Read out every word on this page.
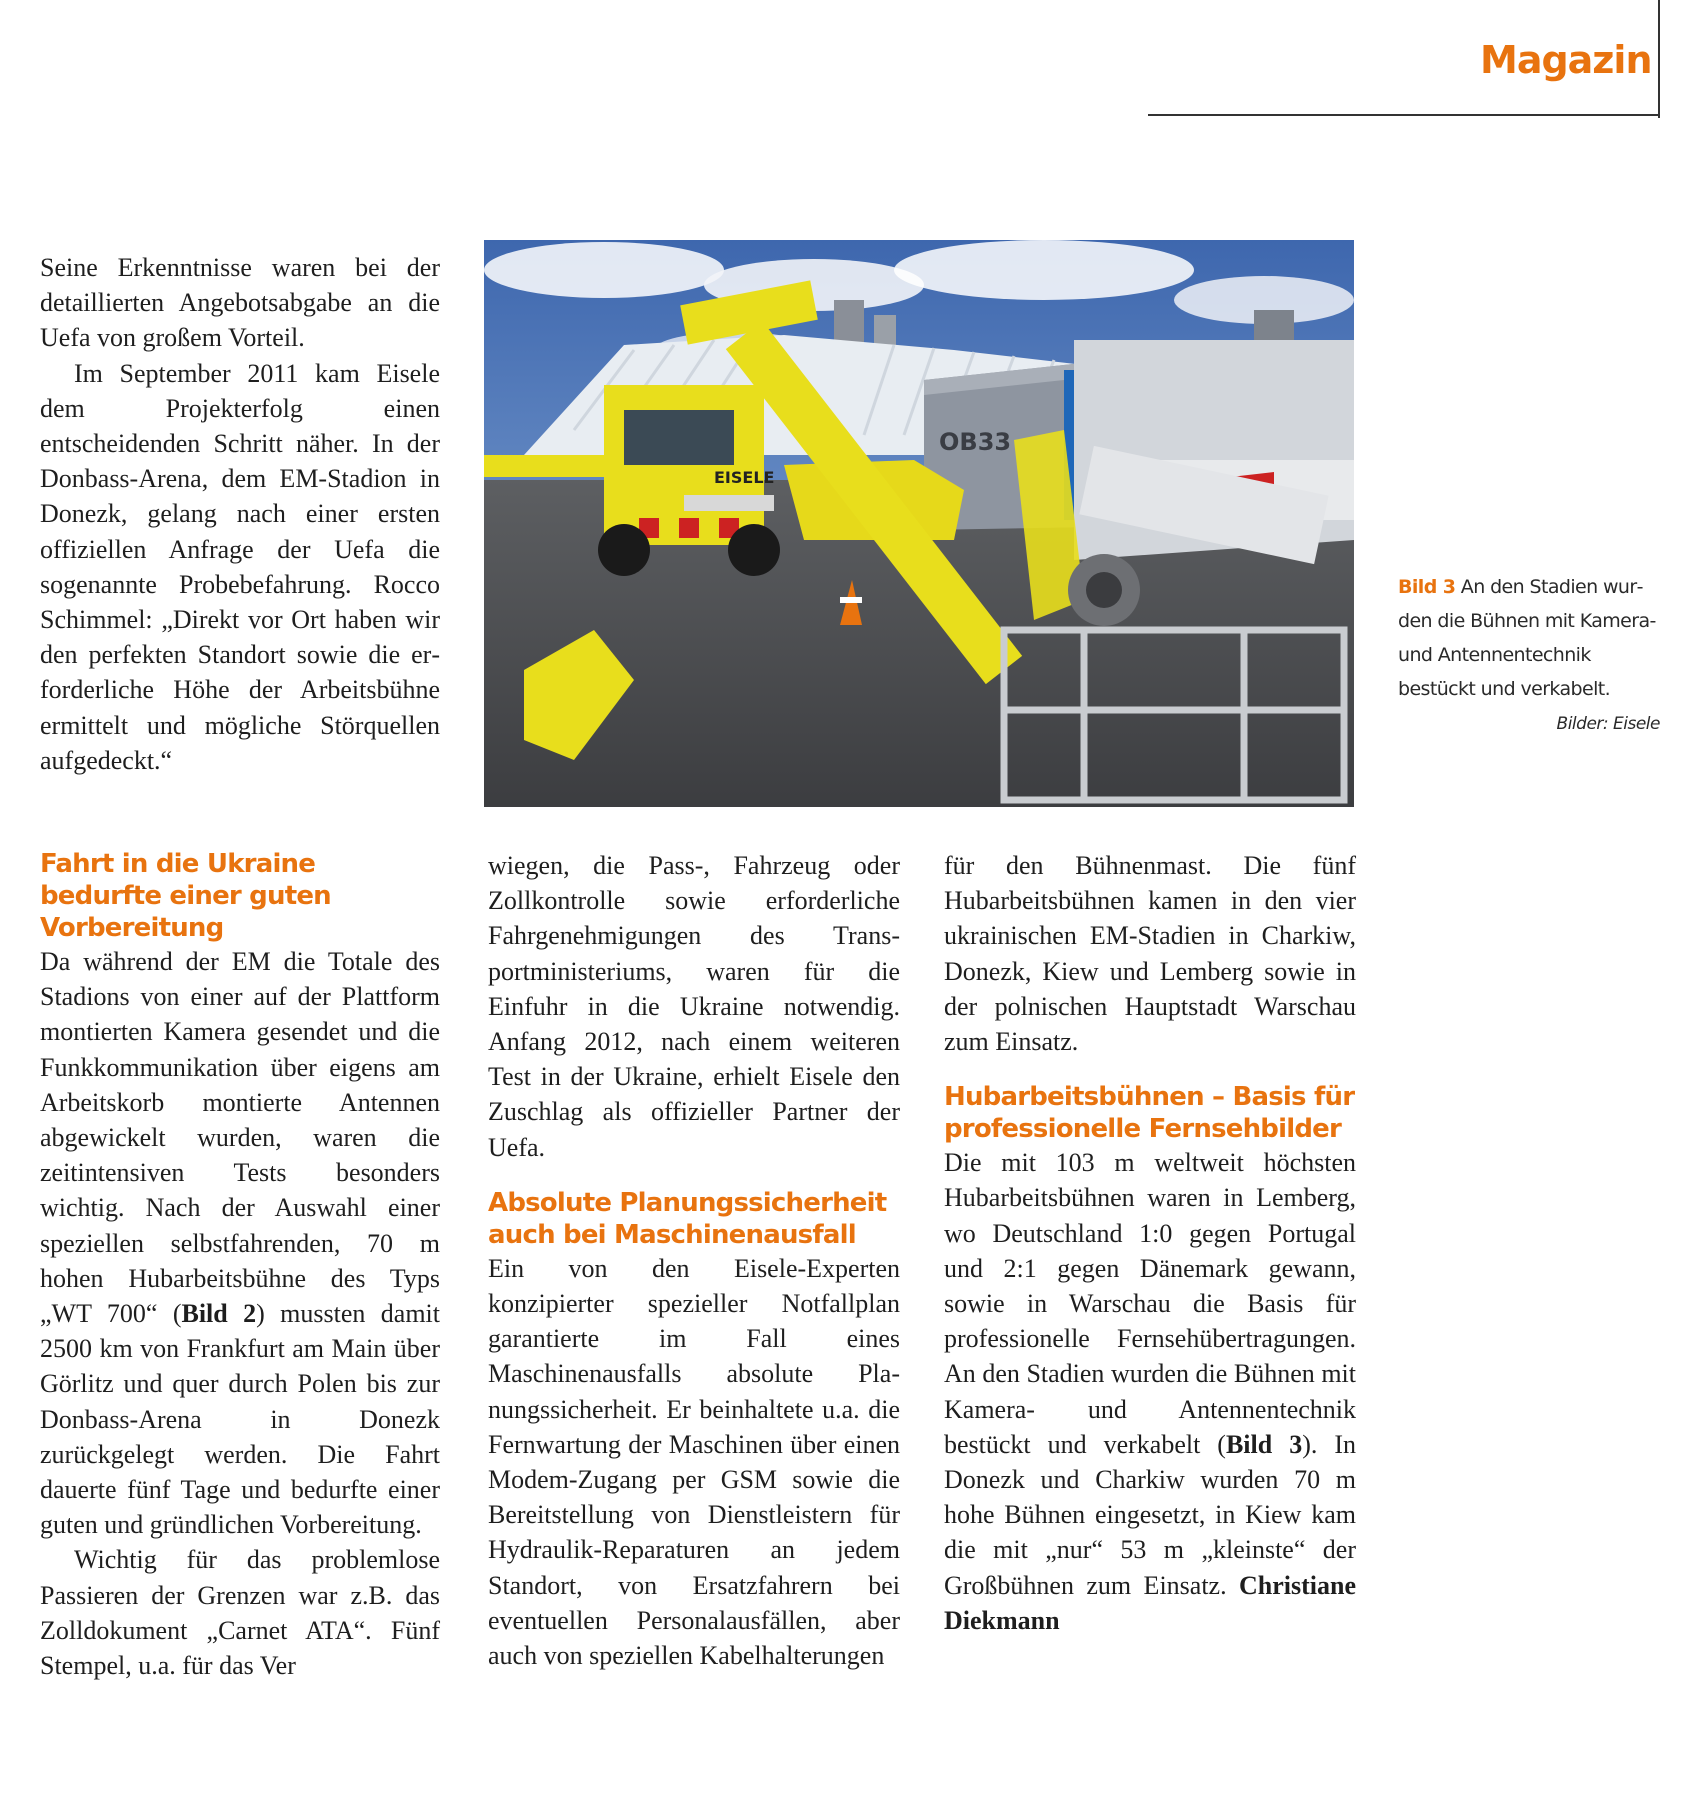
Magazin

Seine Erkenntnisse waren bei der detaillierten Angebotsabgabe an die Uefa von großem Vorteil.

Im September 2011 kam Eisele dem Projekterfolg einen entscheidenden Schritt näher. In der Donbass-Arena, dem EM-Stadion in Donezk, gelang nach einer ersten offiziellen Anfrage der Uefa die sogenannte Probebefahrung. Rocco Schimmel: „Direkt vor Ort haben wir den perfekten Standort sowie die erforderliche Höhe der Arbeitsbühne ermittelt und mögliche Störquellen aufgedeckt.“

OB33
EISELE
Bild 3 An den Stadien wurden die Bühnen mit Kamera- und Antennentechnik bestückt und verkabelt.
Bilder: Eisele
Fahrt in die Ukraine bedurfte einer guten Vorbereitung

Da während der EM die Totale des Stadions von einer auf der Plattform montierten Kamera gesendet und die Funkkommunikation über eigens am Arbeitskorb montierte Antennen abgewickelt wurden, waren die zeitintensiven Tests besonders wichtig. Nach der Auswahl einer speziellen selbstfahrenden, 70 m hohen Hubarbeitsbühne des Typs „WT 700“ (Bild 2) mussten damit 2500 km von Frankfurt am Main über Görlitz und quer durch Polen bis zur Donbass-Arena in Donezk zurückgelegt werden. Die Fahrt dauerte fünf Tage und bedurfte einer guten und gründlichen Vorbereitung.

Wichtig für das problemlose Passieren der Grenzen war z.B. das Zolldokument „Carnet ATA“. Fünf Stempel, u.a. für das Ver

wiegen, die Pass-, Fahrzeug oder Zollkontrolle sowie erforderliche Fahrgenehmigungen des Transportministeriums, waren für die Einfuhr in die Ukraine notwendig. Anfang 2012, nach einem weiteren Test in der Ukraine, erhielt Eisele den Zuschlag als offizieller Partner der Uefa.

Absolute Planungssicherheit auch bei Maschinenausfall

Ein von den Eisele-Experten konzipierter spezieller Notfallplan garantierte im Fall eines Maschinenausfalls absolute Planungssicherheit. Er beinhaltete u.a. die Fernwartung der Maschinen über einen Modem-Zugang per GSM sowie die Bereitstellung von Dienstleistern für Hydraulik-Reparaturen an jedem Standort, von Ersatzfahrern bei eventuellen Personalausfällen, aber auch von speziellen Kabelhalterungen

für den Bühnenmast. Die fünf Hubarbeitsbühnen kamen in den vier ukrainischen EM-Stadien in Charkiw, Donezk, Kiew und Lemberg sowie in der polnischen Hauptstadt Warschau zum Einsatz.

Hubarbeitsbühnen – Basis für professionelle Fernsehbilder

Die mit 103 m weltweit höchsten Hubarbeitsbühnen waren in Lemberg, wo Deutschland 1:0 gegen Portugal und 2:1 gegen Dänemark gewann, sowie in Warschau die Basis für professionelle Fernsehübertragungen. An den Stadien wurden die Bühnen mit Kamera- und Antennentechnik bestückt und verkabelt (Bild 3). In Donezk und Charkiw wurden 70 m hohe Bühnen eingesetzt, in Kiew kam die mit „nur“ 53 m „kleinste“ der Großbühnen zum Einsatz. Christiane Diekmann
